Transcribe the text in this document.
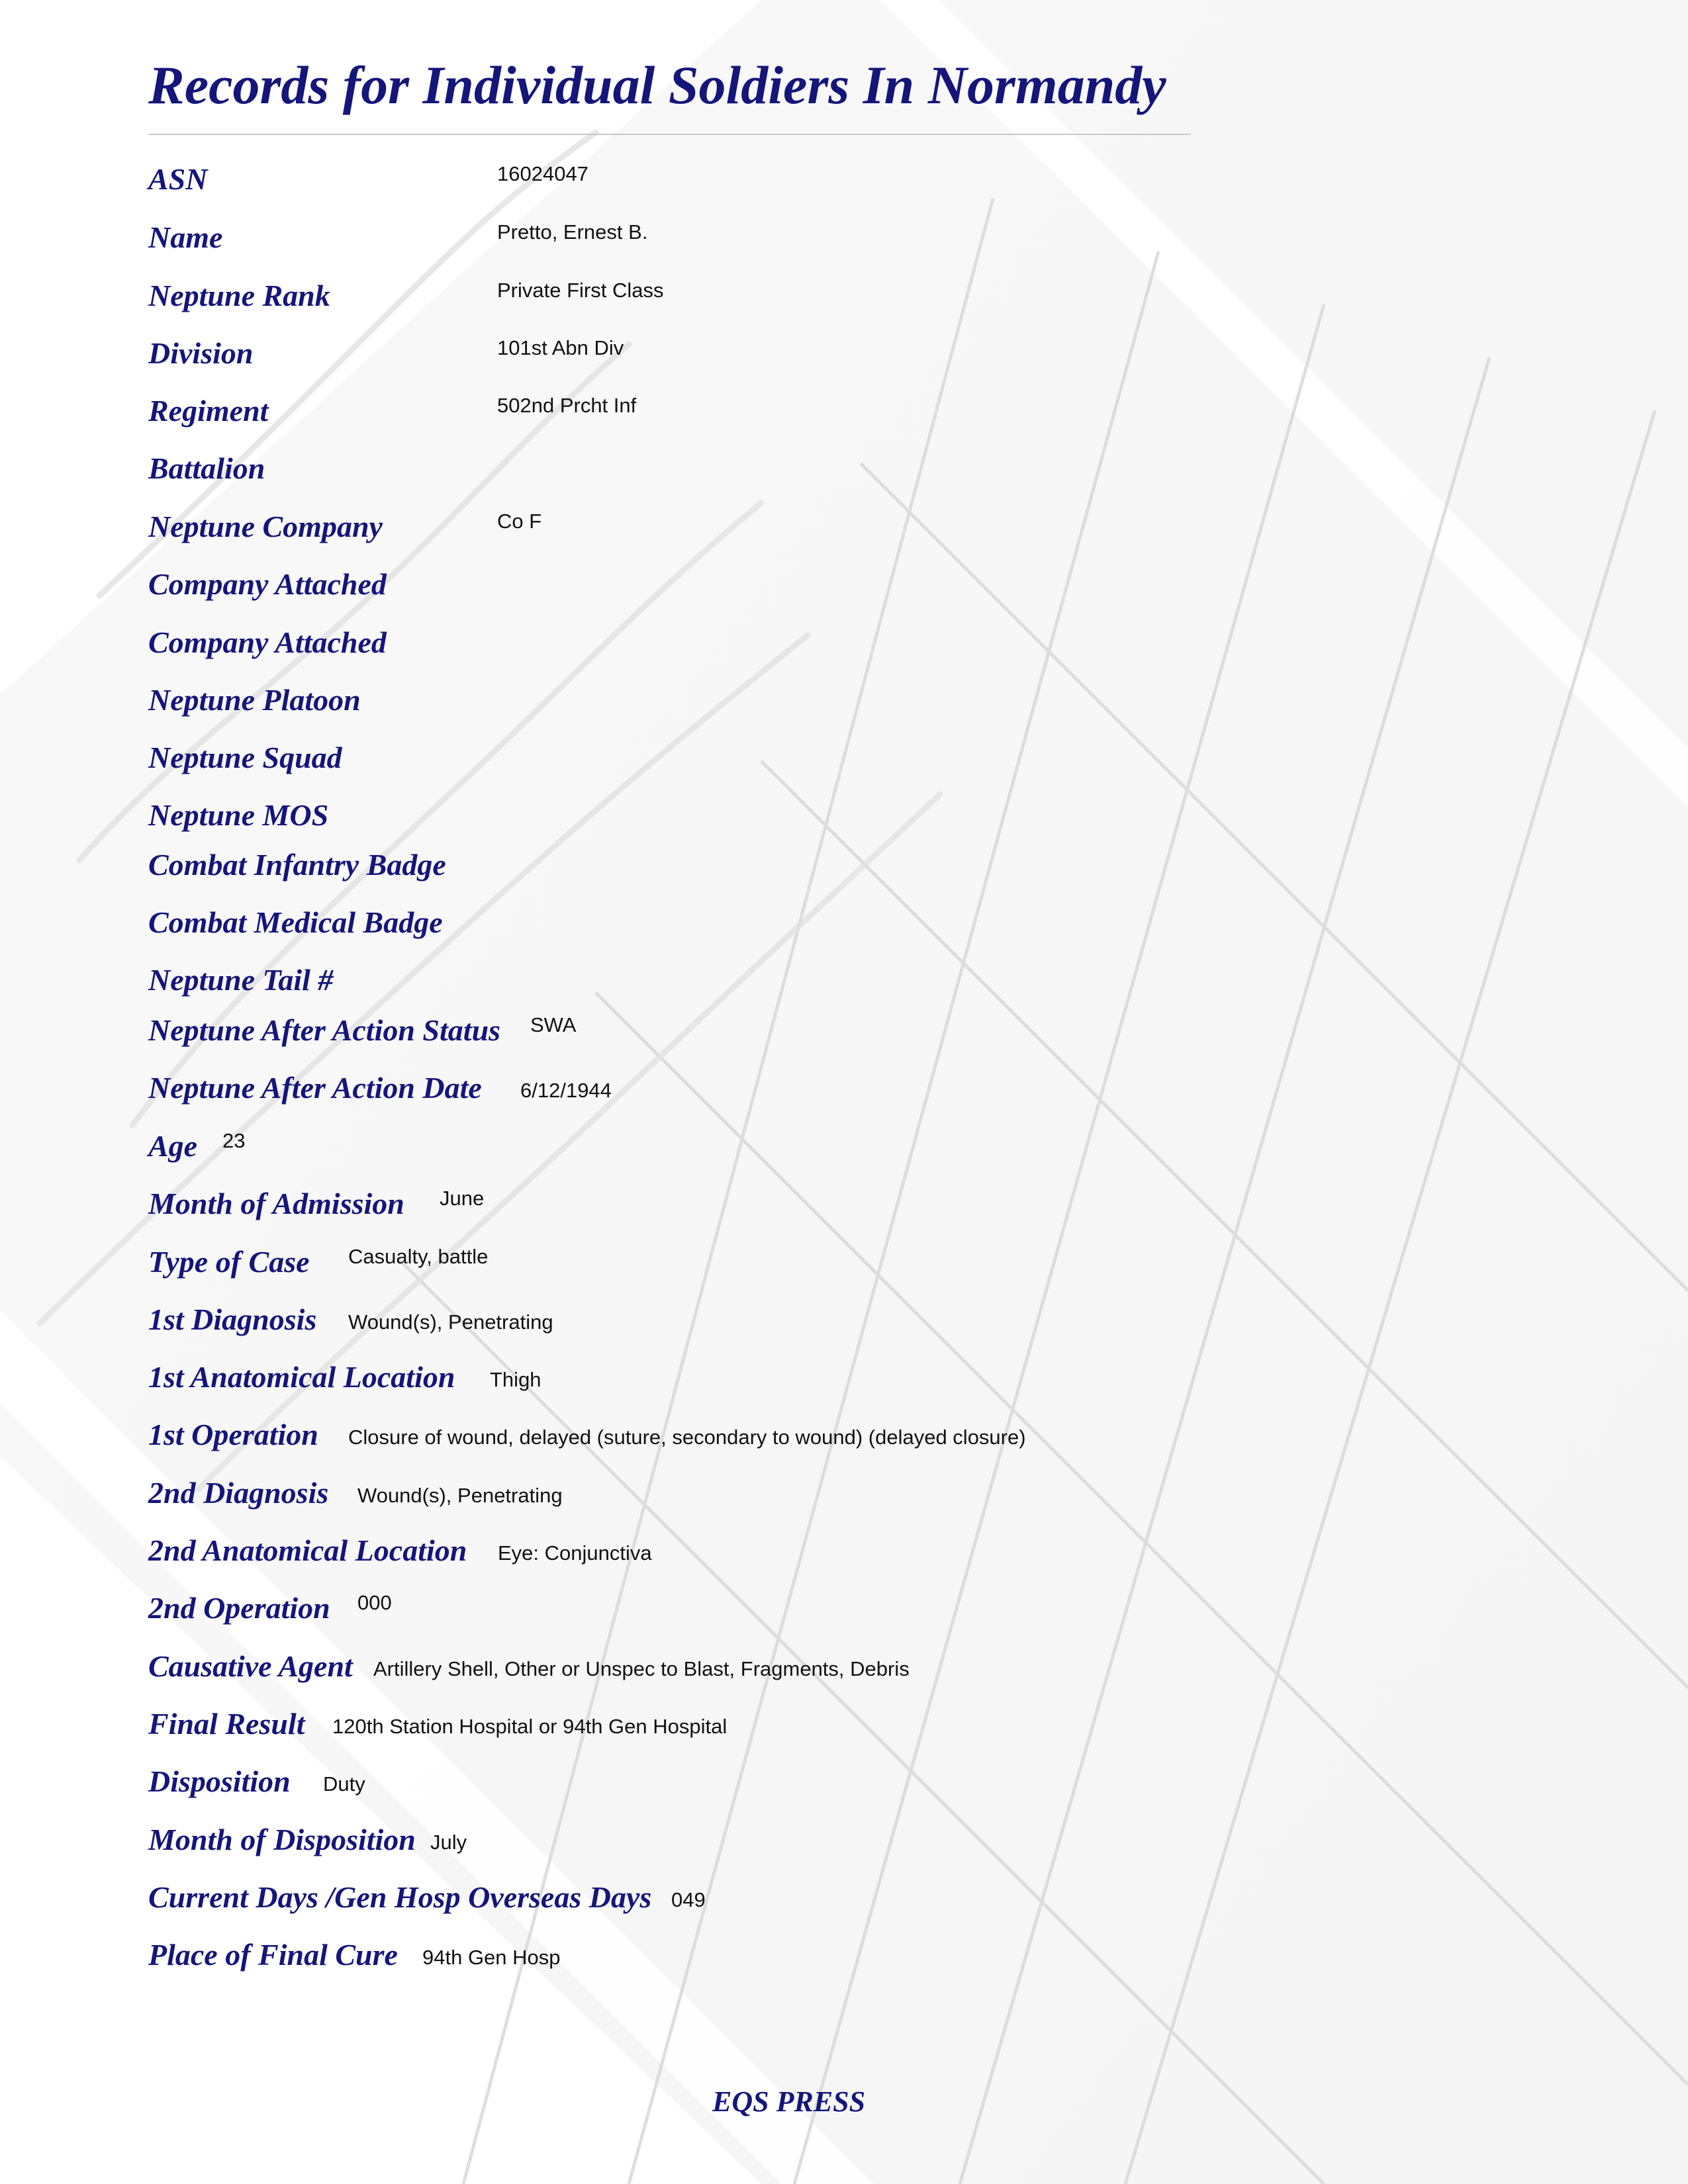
Records for Individual Soldiers In Normandy
ASN	16024047
Name	Pretto, Ernest B.
Neptune Rank	Private First Class
Division	101st Abn Div
Regiment	502nd Prcht Inf
Battalion
Neptune Company	Co F
Company Attached
Company Attached
Neptune Platoon
Neptune Squad
Neptune MOS
Combat Infantry Badge
Combat Medical Badge
Neptune Tail #
Neptune After Action Status SWA
Neptune After Action Date 6/12/1944
Age 23
Month of Admission June
Type of Case Casualty, battle
1st Diagnosis Wound(s), Penetrating
1st Anatomical Location Thigh
1st Operation Closure of wound, delayed (suture, secondary to wound) (delayed closure)
2nd Diagnosis Wound(s), Penetrating
2nd Anatomical Location Eye: Conjunctiva
2nd Operation 000
Causative Agent Artillery Shell, Other or Unspec to Blast, Fragments, Debris
Final Result 120th Station Hospital or 94th Gen Hospital
Disposition Duty
Month of Disposition July
Current Days /Gen Hosp Overseas Days 049
Place of Final Cure 94th Gen Hosp
EQS PRESS
